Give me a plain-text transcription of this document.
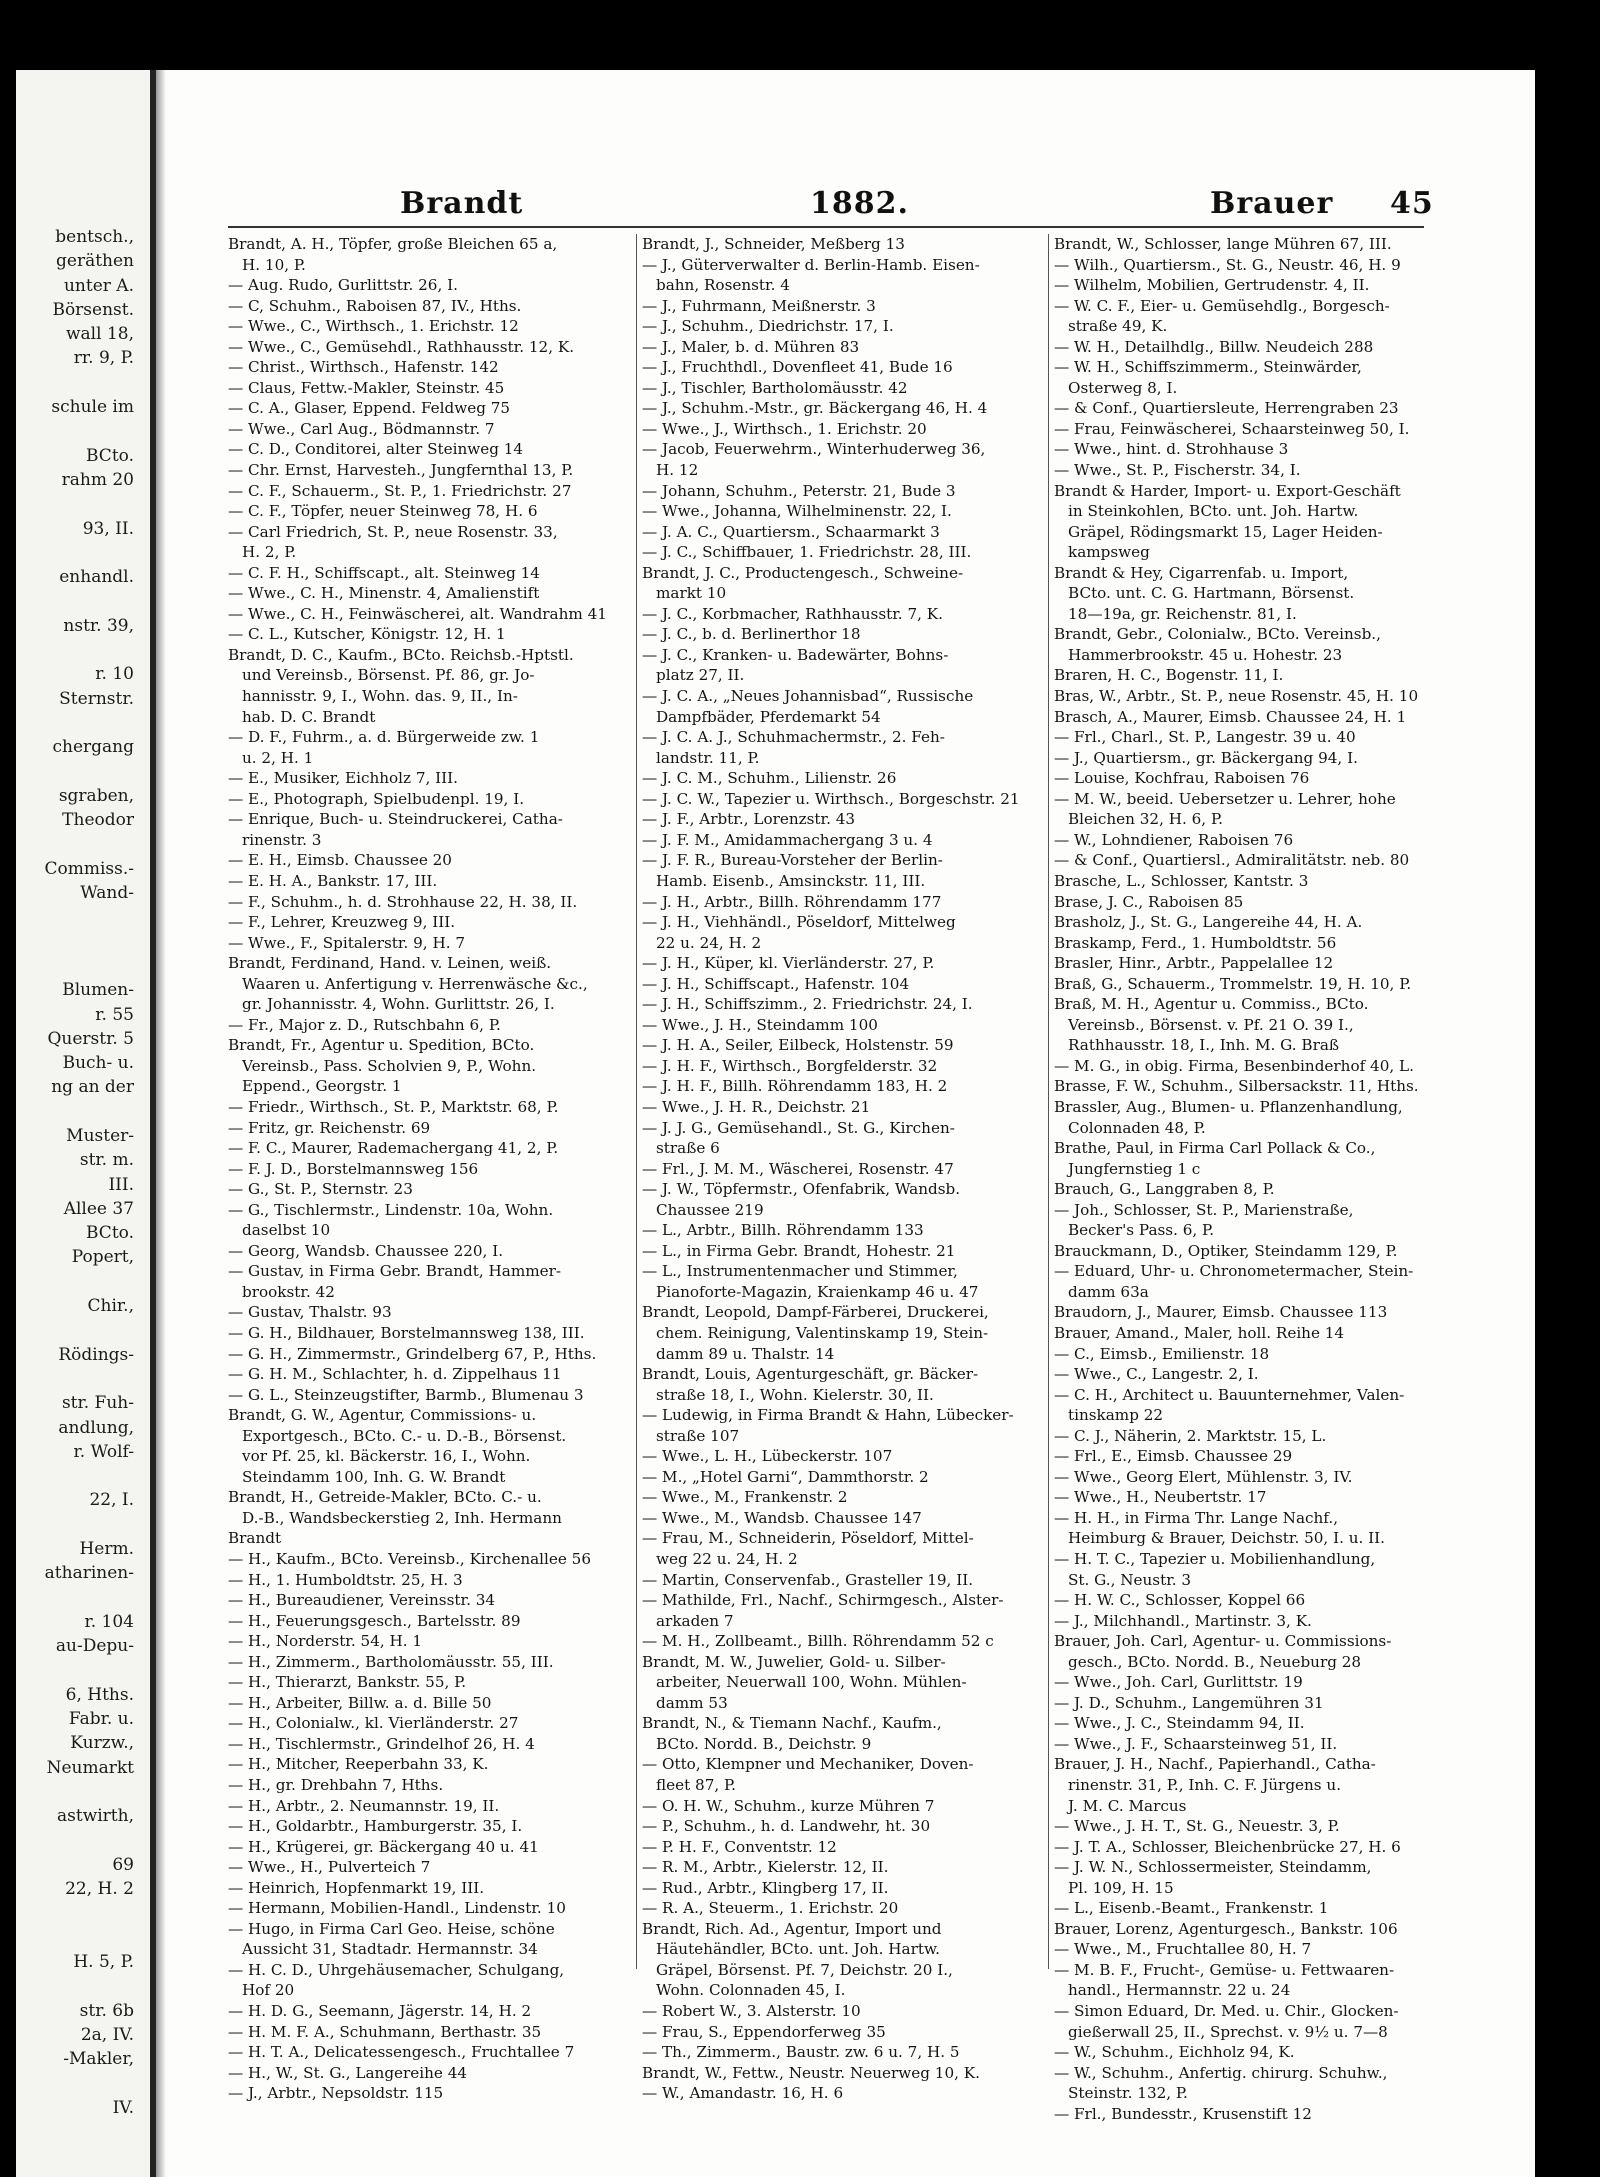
bentsch.,
geräthen
unter A.
Börsenst.
wall 18,
rr. 9, P.

schule im

BCto.
rahm 20

93, II.

enhandl.

nstr. 39,

r. 10
Sternstr.

chergang

sgraben,
Theodor

Commiss.-
Wand-

Blumen-
r. 55
Querstr. 5
Buch- u.
ng an der

Muster-
str. m.
III.
Allee 37
BCto.
Popert,

Chir.,

Rödings-

str. Fuh-
andlung,
r. Wolf-

22, I.

Herm.
atharinen-

r. 104
au-Depu-

6, Hths.
Fabr. u.
Kurzw.,
Neumarkt

astwirth,

69
22, H. 2

H. 5, P.

str. 6b
2a, IV.
-Makler,

IV.
Brandt	1882.	Brauer 45
Brandt, A. H., Töpfer, große Bleichen 65 a,
H. 10, P.
— Aug. Rudo, Gurlittstr. 26, I.
— C, Schuhm., Raboisen 87, IV., Hths.
— Wwe., C., Wirthsch., 1. Erichstr. 12
— Wwe., C., Gemüsehdl., Rathhausstr. 12, K.
— Christ., Wirthsch., Hafenstr. 142
— Claus, Fettw.-Makler, Steinstr. 45
— C. A., Glaser, Eppend. Feldweg 75
— Wwe., Carl Aug., Bödmannstr. 7
— C. D., Conditorei, alter Steinweg 14
— Chr. Ernst, Harvesteh., Jungfernthal 13, P.
— C. F., Schauerm., St. P., 1. Friedrichstr. 27
— C. F., Töpfer, neuer Steinweg 78, H. 6
— Carl Friedrich, St. P., neue Rosenstr. 33,
H. 2, P.
— C. F. H., Schiffscapt., alt. Steinweg 14
— Wwe., C. H., Minenstr. 4, Amalienstift
— Wwe., C. H., Feinwäscherei, alt. Wandrahm 41
— C. L., Kutscher, Königstr. 12, H. 1
Brandt, D. C., Kaufm., BCto. Reichsb.-Hptstl.
und Vereinsb., Börsenst. Pf. 86, gr. Jo-
hannisstr. 9, I., Wohn. das. 9, II., In-
hab. D. C. Brandt
— D. F., Fuhrm., a. d. Bürgerweide zw. 1
u. 2, H. 1
— E., Musiker, Eichholz 7, III.
— E., Photograph, Spielbudenpl. 19, I.
— Enrique, Buch- u. Steindruckerei, Catha-
rinenstr. 3
— E. H., Eimsb. Chaussee 20
— E. H. A., Bankstr. 17, III.
— F., Schuhm., h. d. Strohhause 22, H. 38, II.
— F., Lehrer, Kreuzweg 9, III.
— Wwe., F., Spitalerstr. 9, H. 7
Brandt, Ferdinand, Hand. v. Leinen, weiß.
Waaren u. Anfertigung v. Herrenwäsche &c.,
gr. Johannisstr. 4, Wohn. Gurlittstr. 26, I.
— Fr., Major z. D., Rutschbahn 6, P.
Brandt, Fr., Agentur u. Spedition, BCto.
Vereinsb., Pass. Scholvien 9, P., Wohn.
Eppend., Georgstr. 1
— Friedr., Wirthsch., St. P., Marktstr. 68, P.
— Fritz, gr. Reichenstr. 69
— F. C., Maurer, Rademachergang 41, 2, P.
— F. J. D., Borstelmannsweg 156
— G., St. P., Sternstr. 23
— G., Tischlermstr., Lindenstr. 10a, Wohn.
daselbst 10
— Georg, Wandsb. Chaussee 220, I.
— Gustav, in Firma Gebr. Brandt, Hammer-
brookstr. 42
— Gustav, Thalstr. 93
— G. H., Bildhauer, Borstelmannsweg 138, III.
— G. H., Zimmermstr., Grindelberg 67, P., Hths.
— G. H. M., Schlachter, h. d. Zippelhaus 11
— G. L., Steinzeugstifter, Barmb., Blumenau 3
Brandt, G. W., Agentur, Commissions- u.
Exportgesch., BCto. C.- u. D.-B., Börsenst.
vor Pf. 25, kl. Bäckerstr. 16, I., Wohn.
Steindamm 100, Inh. G. W. Brandt
Brandt, H., Getreide-Makler, BCto. C.- u.
D.-B., Wandsbeckerstieg 2, Inh. Hermann
Brandt
— H., Kaufm., BCto. Vereinsb., Kirchenallee 56
— H., 1. Humboldtstr. 25, H. 3
— H., Bureaudiener, Vereinsstr. 34
— H., Feuerungsgesch., Bartelsstr. 89
— H., Norderstr. 54, H. 1
— H., Zimmerm., Bartholomäusstr. 55, III.
— H., Thierarzt, Bankstr. 55, P.
— H., Arbeiter, Billw. a. d. Bille 50
— H., Colonialw., kl. Vierländerstr. 27
— H., Tischlermstr., Grindelhof 26, H. 4
— H., Mitcher, Reeperbahn 33, K.
— H., gr. Drehbahn 7, Hths.
— H., Arbtr., 2. Neumannstr. 19, II.
— H., Goldarbtr., Hamburgerstr. 35, I.
— H., Krügerei, gr. Bäckergang 40 u. 41
— Wwe., H., Pulverteich 7
— Heinrich, Hopfenmarkt 19, III.
— Hermann, Mobilien-Handl., Lindenstr. 10
— Hugo, in Firma Carl Geo. Heise, schöne
Aussicht 31, Stadtadr. Hermannstr. 34
— H. C. D., Uhrgehäusemacher, Schulgang,
Hof 20
— H. D. G., Seemann, Jägerstr. 14, H. 2
— H. M. F. A., Schuhmann, Berthastr. 35
— H. T. A., Delicatessengesch., Fruchtallee 7
— H., W., St. G., Langereihe 44
— J., Arbtr., Nepsoldstr. 115
Brandt, J., Schneider, Meßberg 13
— J., Güterverwalter d. Berlin-Hamb. Eisen-
bahn, Rosenstr. 4
— J., Fuhrmann, Meißnerstr. 3
— J., Schuhm., Diedrichstr. 17, I.
— J., Maler, b. d. Mühren 83
— J., Fruchthdl., Dovenfleet 41, Bude 16
— J., Tischler, Bartholomäusstr. 42
— J., Schuhm.-Mstr., gr. Bäckergang 46, H. 4
— Wwe., J., Wirthsch., 1. Erichstr. 20
— Jacob, Feuerwehrm., Winterhuderweg 36,
H. 12
— Johann, Schuhm., Peterstr. 21, Bude 3
— Wwe., Johanna, Wilhelminenstr. 22, I.
— J. A. C., Quartiersm., Schaarmarkt 3
— J. C., Schiffbauer, 1. Friedrichstr. 28, III.
Brandt, J. C., Productengesch., Schweine-
markt 10
— J. C., Korbmacher, Rathhausstr. 7, K.
— J. C., b. d. Berlinerthor 18
— J. C., Kranken- u. Badewärter, Bohns-
platz 27, II.
— J. C. A., „Neues Johannisbad“, Russische
Dampfbäder, Pferdemarkt 54
— J. C. A. J., Schuhmachermstr., 2. Feh-
landstr. 11, P.
— J. C. M., Schuhm., Lilienstr. 26
— J. C. W., Tapezier u. Wirthsch., Borgeschstr. 21
— J. F., Arbtr., Lorenzstr. 43
— J. F. M., Amidammachergang 3 u. 4
— J. F. R., Bureau-Vorsteher der Berlin-
Hamb. Eisenb., Amsinckstr. 11, III.
— J. H., Arbtr., Billh. Röhrendamm 177
— J. H., Viehhändl., Pöseldorf, Mittelweg
22 u. 24, H. 2
— J. H., Küper, kl. Vierländerstr. 27, P.
— J. H., Schiffscapt., Hafenstr. 104
— J. H., Schiffszimm., 2. Friedrichstr. 24, I.
— Wwe., J. H., Steindamm 100
— J. H. A., Seiler, Eilbeck, Holstenstr. 59
— J. H. F., Wirthsch., Borgfelderstr. 32
— J. H. F., Billh. Röhrendamm 183, H. 2
— Wwe., J. H. R., Deichstr. 21
— J. J. G., Gemüsehandl., St. G., Kirchen-
straße 6
— Frl., J. M. M., Wäscherei, Rosenstr. 47
— J. W., Töpfermstr., Ofenfabrik, Wandsb.
Chaussee 219
— L., Arbtr., Billh. Röhrendamm 133
— L., in Firma Gebr. Brandt, Hohestr. 21
— L., Instrumentenmacher und Stimmer,
Pianoforte-Magazin, Kraienkamp 46 u. 47
Brandt, Leopold, Dampf-Färberei, Druckerei,
chem. Reinigung, Valentinskamp 19, Stein-
damm 89 u. Thalstr. 14
Brandt, Louis, Agenturgeschäft, gr. Bäcker-
straße 18, I., Wohn. Kielerstr. 30, II.
— Ludewig, in Firma Brandt & Hahn, Lübecker-
straße 107
— Wwe., L. H., Lübeckerstr. 107
— M., „Hotel Garni“, Dammthorstr. 2
— Wwe., M., Frankenstr. 2
— Wwe., M., Wandsb. Chaussee 147
— Frau, M., Schneiderin, Pöseldorf, Mittel-
weg 22 u. 24, H. 2
— Martin, Conservenfab., Grasteller 19, II.
— Mathilde, Frl., Nachf., Schirmgesch., Alster-
arkaden 7
— M. H., Zollbeamt., Billh. Röhrendamm 52 c
Brandt, M. W., Juwelier, Gold- u. Silber-
arbeiter, Neuerwall 100, Wohn. Mühlen-
damm 53
Brandt, N., & Tiemann Nachf., Kaufm.,
BCto. Nordd. B., Deichstr. 9
— Otto, Klempner und Mechaniker, Doven-
fleet 87, P.
— O. H. W., Schuhm., kurze Mühren 7
— P., Schuhm., h. d. Landwehr, ht. 30
— P. H. F., Conventstr. 12
— R. M., Arbtr., Kielerstr. 12, II.
— Rud., Arbtr., Klingberg 17, II.
— R. A., Steuerm., 1. Erichstr. 20
Brandt, Rich. Ad., Agentur, Import und
Häutehändler, BCto. unt. Joh. Hartw.
Gräpel, Börsenst. Pf. 7, Deichstr. 20 I.,
Wohn. Colonnaden 45, I.
— Robert W., 3. Alsterstr. 10
— Frau, S., Eppendorferweg 35
— Th., Zimmerm., Baustr. zw. 6 u. 7, H. 5
Brandt, W., Fettw., Neustr. Neuerweg 10, K.
— W., Amandastr. 16, H. 6
Brandt, W., Schlosser, lange Mühren 67, III.
— Wilh., Quartiersm., St. G., Neustr. 46, H. 9
— Wilhelm, Mobilien, Gertrudenstr. 4, II.
— W. C. F., Eier- u. Gemüsehdlg., Borgesch-
straße 49, K.
— W. H., Detailhdlg., Billw. Neudeich 288
— W. H., Schiffszimmerm., Steinwärder,
Osterweg 8, I.
— & Conf., Quartiersleute, Herrengraben 23
— Frau, Feinwäscherei, Schaarsteinweg 50, I.
— Wwe., hint. d. Strohhause 3
— Wwe., St. P., Fischerstr. 34, I.
Brandt & Harder, Import- u. Export-Geschäft
in Steinkohlen, BCto. unt. Joh. Hartw.
Gräpel, Rödingsmarkt 15, Lager Heiden-
kampsweg
Brandt & Hey, Cigarrenfab. u. Import,
BCto. unt. C. G. Hartmann, Börsenst.
18—19a, gr. Reichenstr. 81, I.
Brandt, Gebr., Colonialw., BCto. Vereinsb.,
Hammerbrookstr. 45 u. Hohestr. 23
Braren, H. C., Bogenstr. 11, I.
Bras, W., Arbtr., St. P., neue Rosenstr. 45, H. 10
Brasch, A., Maurer, Eimsb. Chaussee 24, H. 1
— Frl., Charl., St. P., Langestr. 39 u. 40
— J., Quartiersm., gr. Bäckergang 94, I.
— Louise, Kochfrau, Raboisen 76
— M. W., beeid. Uebersetzer u. Lehrer, hohe
Bleichen 32, H. 6, P.
— W., Lohndiener, Raboisen 76
— & Conf., Quartiersl., Admiralitätstr. neb. 80
Brasche, L., Schlosser, Kantstr. 3
Brase, J. C., Raboisen 85
Brasholz, J., St. G., Langereihe 44, H. A.
Braskamp, Ferd., 1. Humboldtstr. 56
Brasler, Hinr., Arbtr., Pappelallee 12
Braß, G., Schauerm., Trommelstr. 19, H. 10, P.
Braß, M. H., Agentur u. Commiss., BCto.
Vereinsb., Börsenst. v. Pf. 21 O. 39 I.,
Rathhausstr. 18, I., Inh. M. G. Braß
— M. G., in obig. Firma, Besenbinderhof 40, L.
Brasse, F. W., Schuhm., Silbersackstr. 11, Hths.
Brassler, Aug., Blumen- u. Pflanzenhandlung,
Colonnaden 48, P.
Brathe, Paul, in Firma Carl Pollack & Co.,
Jungfernstieg 1 c
Brauch, G., Langgraben 8, P.
— Joh., Schlosser, St. P., Marienstraße,
Becker's Pass. 6, P.
Brauckmann, D., Optiker, Steindamm 129, P.
— Eduard, Uhr- u. Chronometermacher, Stein-
damm 63a
Braudorn, J., Maurer, Eimsb. Chaussee 113
Brauer, Amand., Maler, holl. Reihe 14
— C., Eimsb., Emilienstr. 18
— Wwe., C., Langestr. 2, I.
— C. H., Architect u. Bauunternehmer, Valen-
tinskamp 22
— C. J., Näherin, 2. Marktstr. 15, L.
— Frl., E., Eimsb. Chaussee 29
— Wwe., Georg Elert, Mühlenstr. 3, IV.
— Wwe., H., Neubertstr. 17
— H. H., in Firma Thr. Lange Nachf.,
Heimburg & Brauer, Deichstr. 50, I. u. II.
— H. T. C., Tapezier u. Mobilienhandlung,
St. G., Neustr. 3
— H. W. C., Schlosser, Koppel 66
— J., Milchhandl., Martinstr. 3, K.
Brauer, Joh. Carl, Agentur- u. Commissions-
gesch., BCto. Nordd. B., Neueburg 28
— Wwe., Joh. Carl, Gurlittstr. 19
— J. D., Schuhm., Langemühren 31
— Wwe., J. C., Steindamm 94, II.
— Wwe., J. F., Schaarsteinweg 51, II.
Brauer, J. H., Nachf., Papierhandl., Catha-
rinenstr. 31, P., Inh. C. F. Jürgens u.
J. M. C. Marcus
— Wwe., J. H. T., St. G., Neuestr. 3, P.
— J. T. A., Schlosser, Bleichenbrücke 27, H. 6
— J. W. N., Schlossermeister, Steindamm,
Pl. 109, H. 15
— L., Eisenb.-Beamt., Frankenstr. 1
Brauer, Lorenz, Agenturgesch., Bankstr. 106
— Wwe., M., Fruchtallee 80, H. 7
— M. B. F., Frucht-, Gemüse- u. Fettwaaren-
handl., Hermannstr. 22 u. 24
— Simon Eduard, Dr. Med. u. Chir., Glocken-
gießerwall 25, II., Sprechst. v. 9½ u. 7—8
— W., Schuhm., Eichholz 94, K.
— W., Schuhm., Anfertig. chirurg. Schuhw.,
Steinstr. 132, P.
— Frl., Bundesstr., Krusenstift 12
